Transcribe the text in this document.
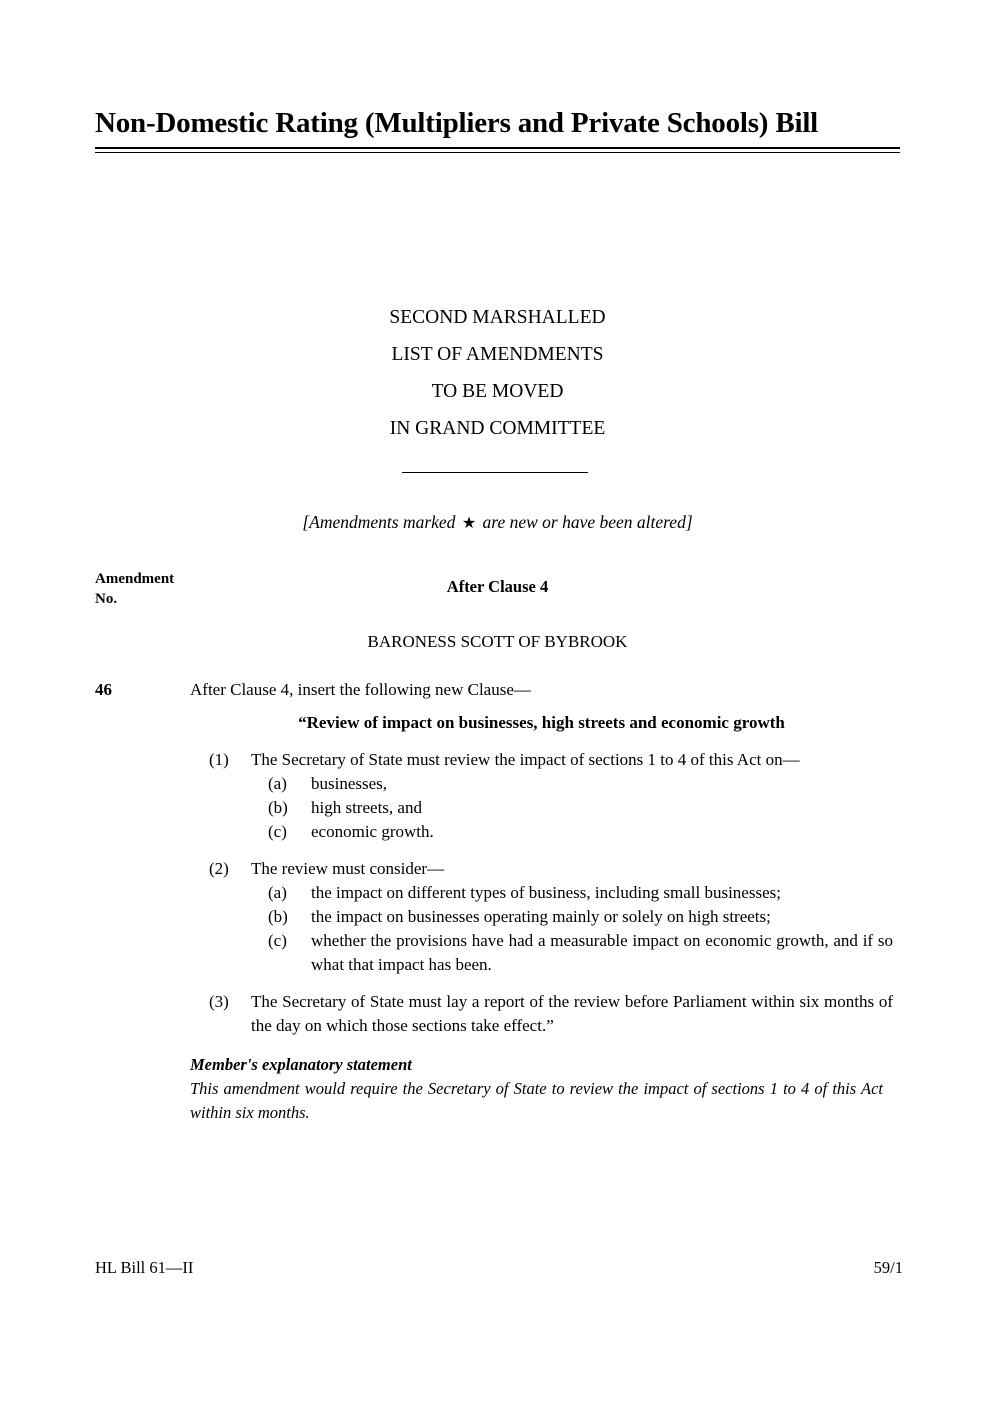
Non-Domestic Rating (Multipliers and Private Schools) Bill
SECOND MARSHALLED
LIST OF AMENDMENTS
TO BE MOVED
IN GRAND COMMITTEE

[Amendments marked ★ are new or have been altered]

Amendment
No.
After Clause 4
BARONESS SCOTT OF BYBROOK
46	After Clause 4, insert the following new Clause—
“Review of impact on businesses, high streets and economic growth
(1)	The Secretary of State must review the impact of sections 1 to 4 of this Act on—
(a)	businesses,
(b)	high streets, and
(c)	economic growth.
(2)	The review must consider—
(a)	the impact on different types of business, including small businesses;
(b)	the impact on businesses operating mainly or solely on high streets;
(c)	whether the provisions have had a measurable impact on economic growth, and if so what that impact has been.
(3)	The Secretary of State must lay a report of the review before Parliament within six months of the day on which those sections take effect.”
Member's explanatory statement
This amendment would require the Secretary of State to review the impact of sections 1 to 4 of this Act within six months.
HL Bill 61—II	59/1
